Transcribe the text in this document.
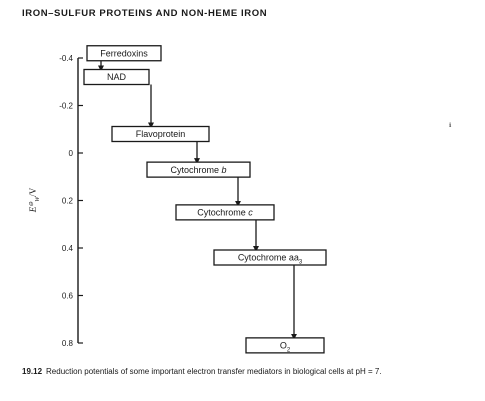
IRON–SULFUR PROTEINS AND NON-HEME IRON
$E^⊖_W/V$
-0.4
-0.2
0
0.2
0.4
0.6
0.8
Ferredoxins
NAD
Flavoprotein
Cytochrome b
Cytochrome c
Cytochrome $aa_3$
$O_2$
ℹ
19.12 Reduction potentials of some important electron transfer mediators in biological cells at pH = 7.
